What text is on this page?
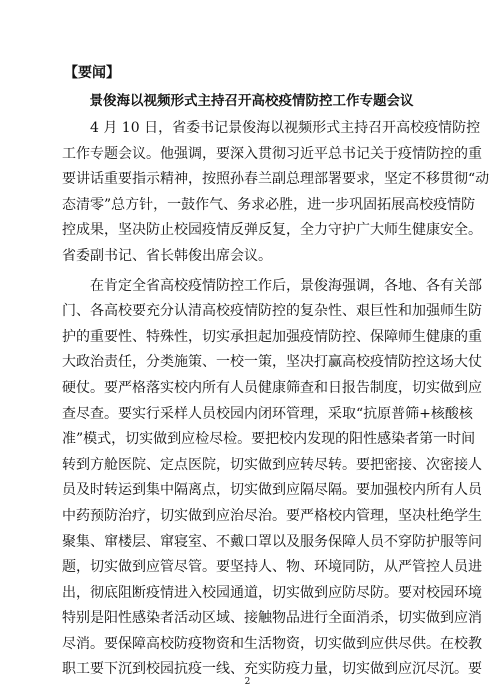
【要闻】
景俊海以视频形式主持召开高校疫情防控工作专题会议

4 月 10 日，省委书记景俊海以视频形式主持召开高校疫情防控
工作专题会议。他强调，要深入贯彻习近平总书记关于疫情防控的重
要讲话重要指示精神，按照孙春兰副总理部署要求，坚定不移贯彻“动
态清零”总方针，一鼓作气、务求必胜，进一步巩固拓展高校疫情防
控成果，坚决防止校园疫情反弹反复，全力守护广大师生健康安全。
省委副书记、省长韩俊出席会议。

在肯定全省高校疫情防控工作后，景俊海强调，各地、各有关部
门、各高校要充分认清高校疫情防控的复杂性、艰巨性和加强师生防
护的重要性、特殊性，切实承担起加强疫情防控、保障师生健康的重
大政治责任，分类施策、一校一策，坚决打赢高校疫情防控这场大仗
硬仗。要严格落实校内所有人员健康筛查和日报告制度，切实做到应
查尽查。要实行采样人员校园内闭环管理，采取“抗原普筛+核酸核
准”模式，切实做到应检尽检。要把校内发现的阳性感染者第一时间
转到方舱医院、定点医院，切实做到应转尽转。要把密接、次密接人
员及时转运到集中隔离点，切实做到应隔尽隔。要加强校内所有人员
中药预防治疗，切实做到应治尽治。要严格校内管理，坚决杜绝学生
聚集、窜楼层、窜寝室、不戴口罩以及服务保障人员不穿防护服等问
题，切实做到应管尽管。要坚持人、物、环境同防，从严管控人员进
出，彻底阻断疫情进入校园通道，切实做到应防尽防。要对校园环境
特别是阳性感染者活动区域、接触物品进行全面消杀，切实做到应消
尽消。要保障高校防疫物资和生活物资，切实做到应供尽供。在校教
职工要下沉到校园抗疫一线、充实防疫力量，切实做到应沉尽沉。要

2
